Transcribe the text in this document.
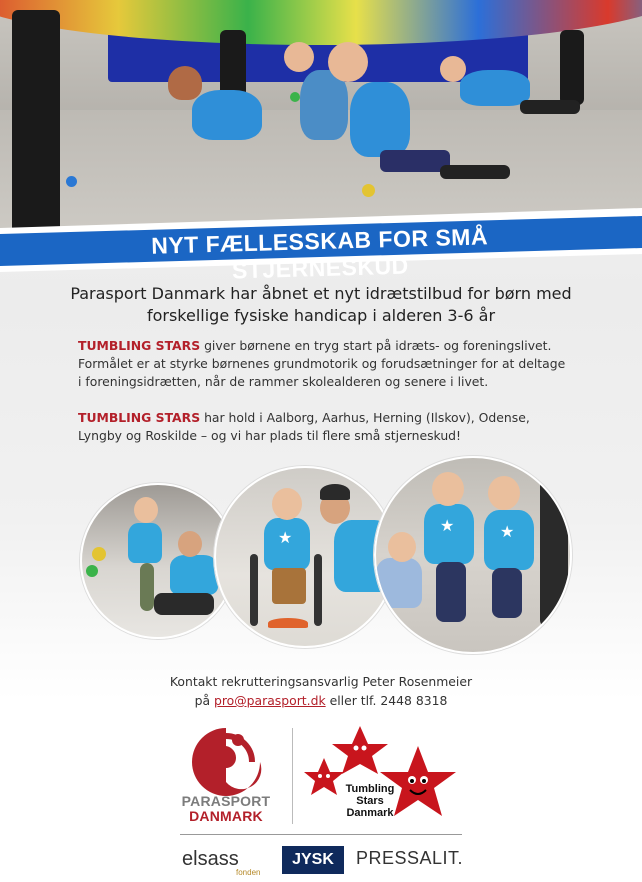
NYT FÆLLESSKAB FOR SMÅ STJERNESKUD
Parasport Danmark har åbnet et nyt idrætstilbud for børn med forskellige fysiske handicap i alderen 3-6 år
TUMBLING STARS giver børnene en tryg start på idræts- og foreningslivet. Formålet er at styrke børnenes grundmotorik og forudsætninger for at deltage i foreningsidrætten, når de rammer skolealderen og senere i livet.
TUMBLING STARS har hold i Aalborg, Aarhus, Herning (Ilskov), Odense, Lyngby og Roskilde – og vi har plads til flere små stjerneskud!
★
★	★
Kontakt rekrutteringsansvarlig Peter Rosenmeier
på pro@parasport.dk eller tlf. 2448 8318
PARASPORT
DANMARK
Tumbling
Stars
Danmark
elsass
fonden
JYSK PRESSALIT.
